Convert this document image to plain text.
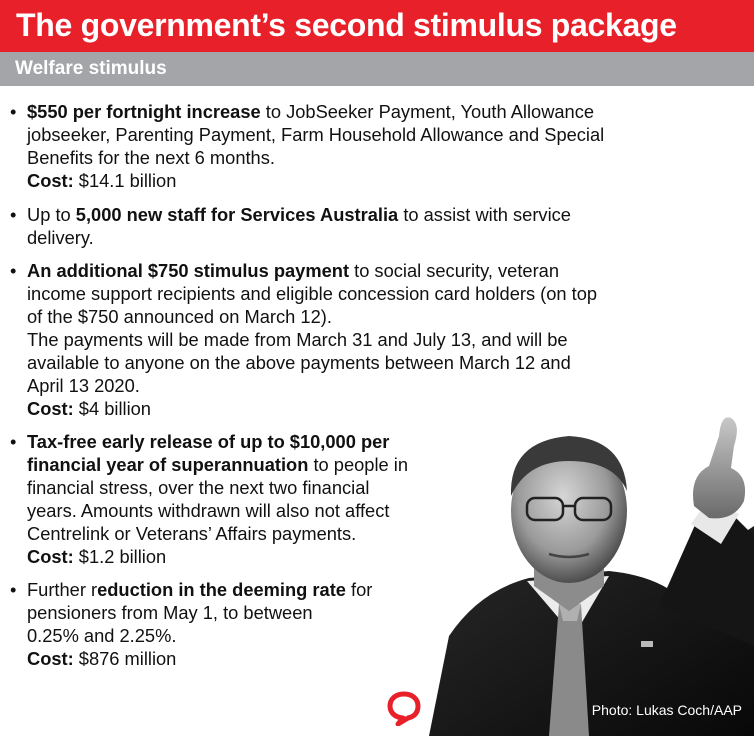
The government’s second stimulus package
Welfare stimulus
Photo: Lukas Coch/AAP
• $550 per fortnight increase to JobSeeker Payment, Youth Allowance
jobseeker, Parenting Payment, Farm Household Allowance and Special
Benefits for the next 6 months.
Cost: $14.1 billion
• Up to 5,000 new staff for Services Australia to assist with service
delivery.
• An additional $750 stimulus payment to social security, veteran
income support recipients and eligible concession card holders (on top
of the $750 announced on March 12).
The payments will be made from March 31 and July 13, and will be
available to anyone on the above payments between March 12 and
April 13 2020.
Cost: $4 billion
• Tax-free early release of up to $10,000 per
financial year of superannuation to people in
financial stress, over the next two financial
years. Amounts withdrawn will also not affect
Centrelink or Veterans’ Affairs payments.
Cost: $1.2 billion
• Further reduction in the deeming rate for
pensioners from May 1, to between
0.25% and 2.25%.
Cost: $876 million
